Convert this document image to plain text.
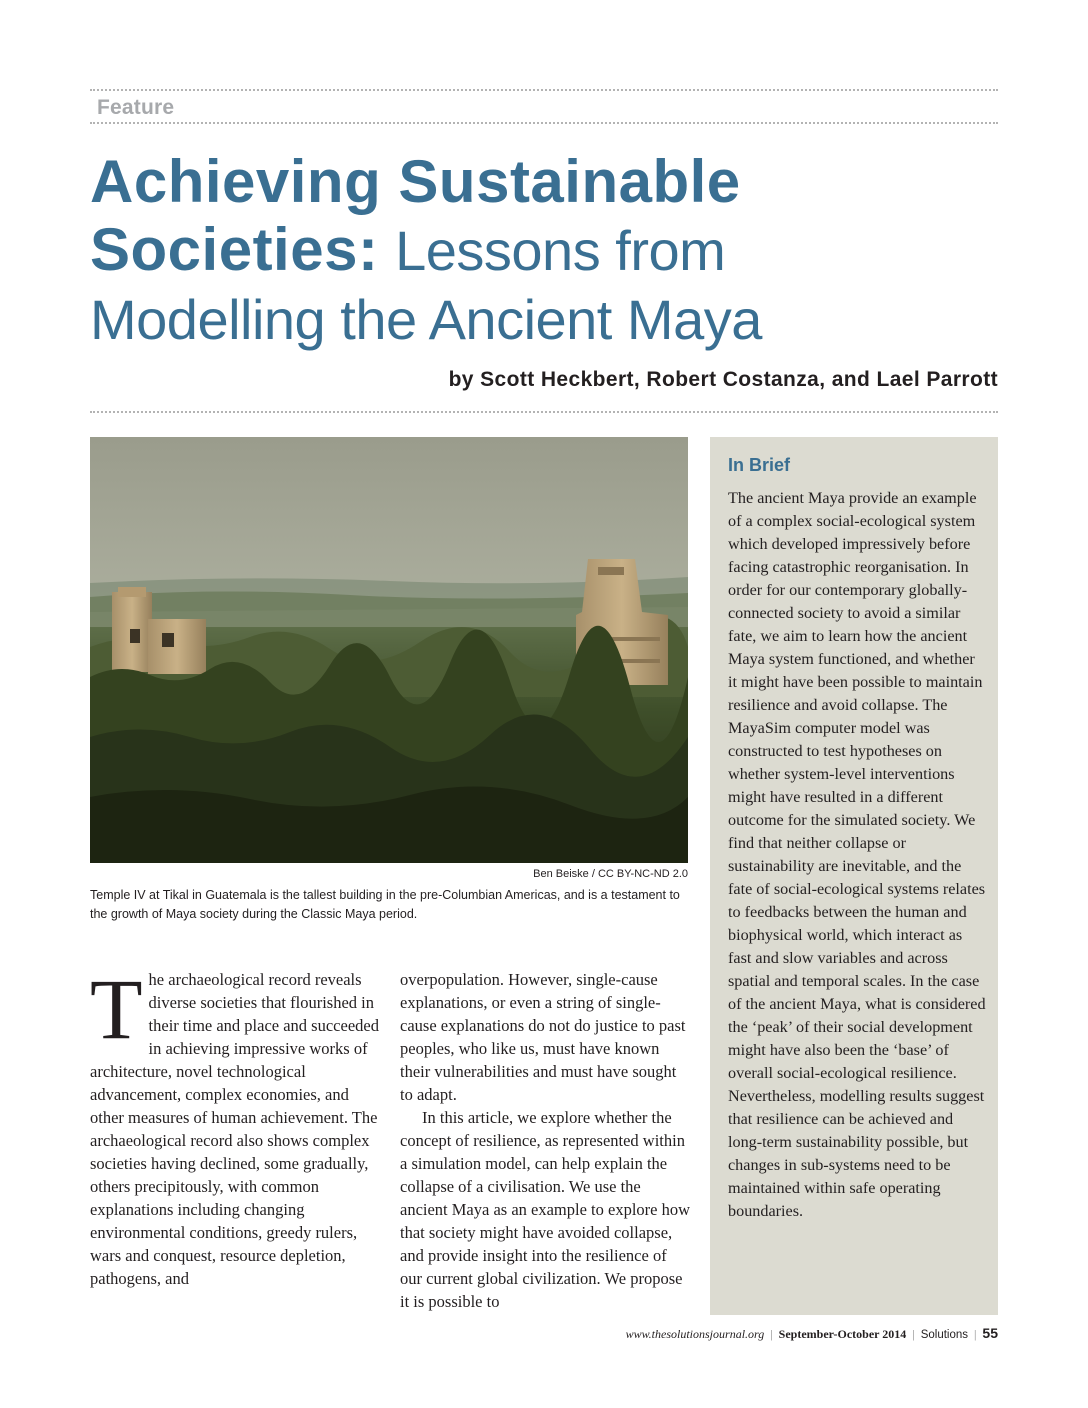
Feature
Achieving Sustainable
Societies: Lessons from
Modelling the Ancient Maya
by Scott Heckbert, Robert Costanza, and Lael Parrott
Ben Beiske / CC BY-NC-ND 2.0
Temple IV at Tikal in Guatemala is the tallest building in the pre-Columbian Americas, and is a testament to the growth of Maya society during the Classic Maya period.
T he archaeological record reveals diverse societies that flourished in their time and place and succeeded in achieving impressive works of architecture, novel technological advancement, complex economies, and other measures of human achievement. The archaeological record also shows complex societies having declined, some gradually, others precipitously, with common explanations including changing environmental conditions, greedy rulers, wars and conquest, resource depletion, pathogens, and

overpopulation. However, single-cause explanations, or even a string of single-cause explanations do not do justice to past peoples, who like us, must have known their vulnerabilities and must have sought to adapt.

In this article, we explore whether the concept of resilience, as represented within a simulation model, can help explain the collapse of a civilisation. We use the ancient Maya as an example to explore how that society might have avoided collapse, and provide insight into the resilience of our current global civilization. We propose it is possible to

In Brief
The ancient Maya provide an example of a complex social-ecological system which developed impressively before facing catastrophic reorganisation. In order for our contemporary globally-connected society to avoid a similar fate, we aim to learn how the ancient Maya system functioned, and whether it might have been possible to maintain resilience and avoid collapse. The MayaSim computer model was constructed to test hypotheses on whether system-level interventions might have resulted in a different outcome for the simulated society. We find that neither collapse or sustainability are inevitable, and the fate of social-ecological systems relates to feedbacks between the human and biophysical world, which interact as fast and slow variables and across spatial and temporal scales. In the case of the ancient Maya, what is considered the ‘peak’ of their social development might have also been the ‘base’ of overall social-ecological resilience. Nevertheless, modelling results suggest that resilience can be achieved and long-term sustainability possible, but changes in sub-systems need to be maintained within safe operating boundaries.
www.thesolutionsjournal.org | September-October 2014 | Solutions | 55
